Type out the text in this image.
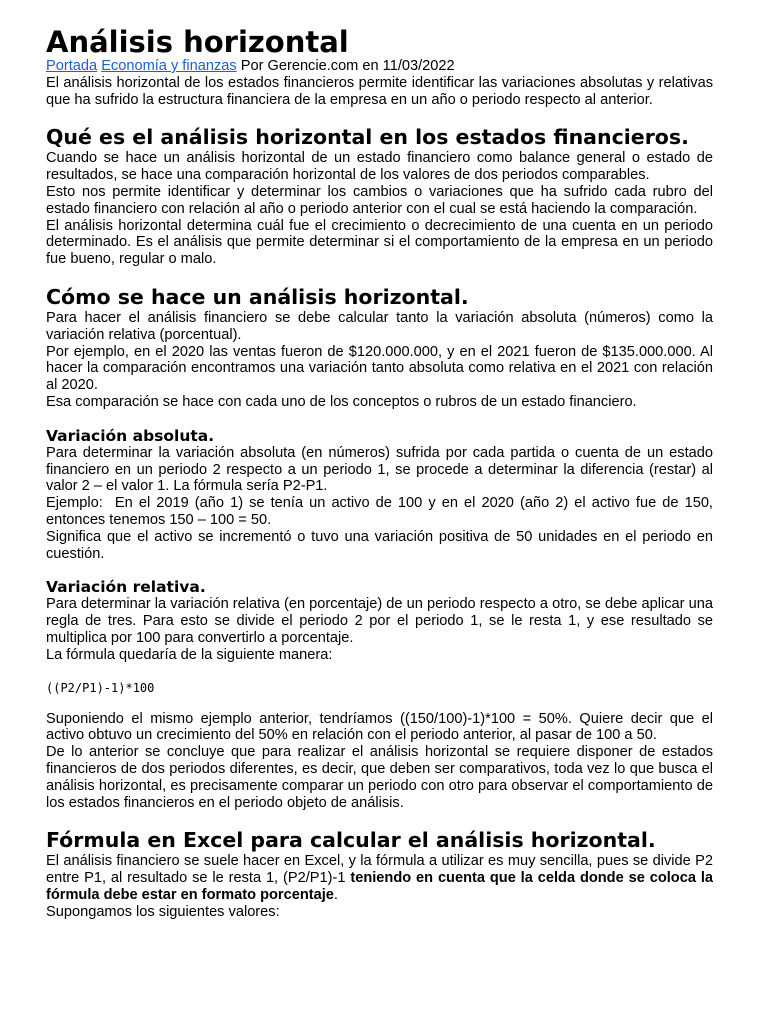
Análisis horizontal

Portada Economía y finanzas Por Gerencie.com en 11/03/2022

El análisis horizontal de los estados financieros permite identificar las variaciones absolutas y relativas que ha sufrido la estructura financiera de la empresa en un año o periodo respecto al anterior.

Qué es el análisis horizontal en los estados financieros.

Cuando se hace un análisis horizontal de un estado financiero como balance general o estado de resultados, se hace una comparación horizontal de los valores de dos periodos comparables.

Esto nos permite identificar y determinar los cambios o variaciones que ha sufrido cada rubro del estado financiero con relación al año o periodo anterior con el cual se está haciendo la comparación.

El análisis horizontal determina cuál fue el crecimiento o decrecimiento de una cuenta en un periodo determinado. Es el análisis que permite determinar si el comportamiento de la empresa en un periodo fue bueno, regular o malo.

Cómo se hace un análisis horizontal.

Para hacer el análisis financiero se debe calcular tanto la variación absoluta (números) como la variación relativa (porcentual).

Por ejemplo, en el 2020 las ventas fueron de $120.000.000, y en el 2021 fueron de $135.000.000. Al hacer la comparación encontramos una variación tanto absoluta como relativa en el 2021 con relación al 2020.

Esa comparación se hace con cada uno de los conceptos o rubros de un estado financiero.

Variación absoluta.

Para determinar la variación absoluta (en números) sufrida por cada partida o cuenta de un estado financiero en un periodo 2 respecto a un periodo 1, se procede a determinar la diferencia (restar) al valor 2 – el valor 1. La fórmula sería P2-P1.

Ejemplo:  En el 2019 (año 1) se tenía un activo de 100 y en el 2020 (año 2) el activo fue de 150, entonces tenemos 150 – 100 = 50.

Significa que el activo se incrementó o tuvo una variación positiva de 50 unidades en el periodo en cuestión.

Variación relativa.

Para determinar la variación relativa (en porcentaje) de un periodo respecto a otro, se debe aplicar una regla de tres. Para esto se divide el periodo 2 por el periodo 1, se le resta 1, y ese resultado se multiplica por 100 para convertirlo a porcentaje.

La fórmula quedaría de la siguiente manera:

((P2/P1)-1)*100

Suponiendo el mismo ejemplo anterior, tendríamos ((150/100)-1)*100 = 50%. Quiere decir que el activo obtuvo un crecimiento del 50% en relación con el periodo anterior, al pasar de 100 a 50.

De lo anterior se concluye que para realizar el análisis horizontal se requiere disponer de estados financieros de dos periodos diferentes, es decir, que deben ser comparativos, toda vez lo que busca el análisis horizontal, es precisamente comparar un periodo con otro para observar el comportamiento de los estados financieros en el periodo objeto de análisis.

Fórmula en Excel para calcular el análisis horizontal.

El análisis financiero se suele hacer en Excel, y la fórmula a utilizar es muy sencilla, pues se divide P2 entre P1, al resultado se le resta 1, (P2/P1)-1 teniendo en cuenta que la celda donde se coloca la fórmula debe estar en formato porcentaje.

Supongamos los siguientes valores:
